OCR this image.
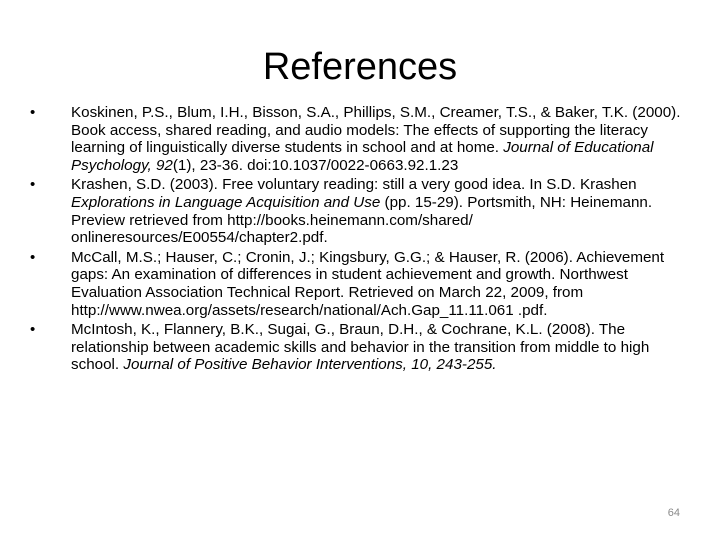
References
•	Koskinen, P.S., Blum, I.H., Bisson, S.A., Phillips, S.M., Creamer, T.S., & Baker, T.K. (2000). Book access, shared reading, and audio models: The effects of supporting the literacy learning of linguistically diverse students in school and at home. Journal of Educational Psychology, 92(1), 23-36. doi:10.1037/0022-0663.92.1.23
•	Krashen, S.D. (2003). Free voluntary reading: still a very good idea. In S.D. Krashen Explorations in Language Acquisition and Use (pp. 15-29). Portsmith, NH: Heinemann. Preview retrieved from http://books.heinemann.com/shared/ onlineresources/E00554/chapter2.pdf.
•	McCall, M.S.; Hauser, C.; Cronin, J.; Kingsbury, G.G.; & Hauser, R. (2006). Achievement gaps: An examination of differences in student achievement and growth. Northwest Evaluation Association Technical Report. Retrieved on March 22, 2009, from http://www.nwea.org/assets/research/national/Ach.Gap_11.11.061 .pdf.
•	McIntosh, K., Flannery, B.K., Sugai, G., Braun, D.H., & Cochrane, K.L. (2008). The relationship between academic skills and behavior in the transition from middle to high school. Journal of Positive Behavior Interventions, 10, 243-255.
64
